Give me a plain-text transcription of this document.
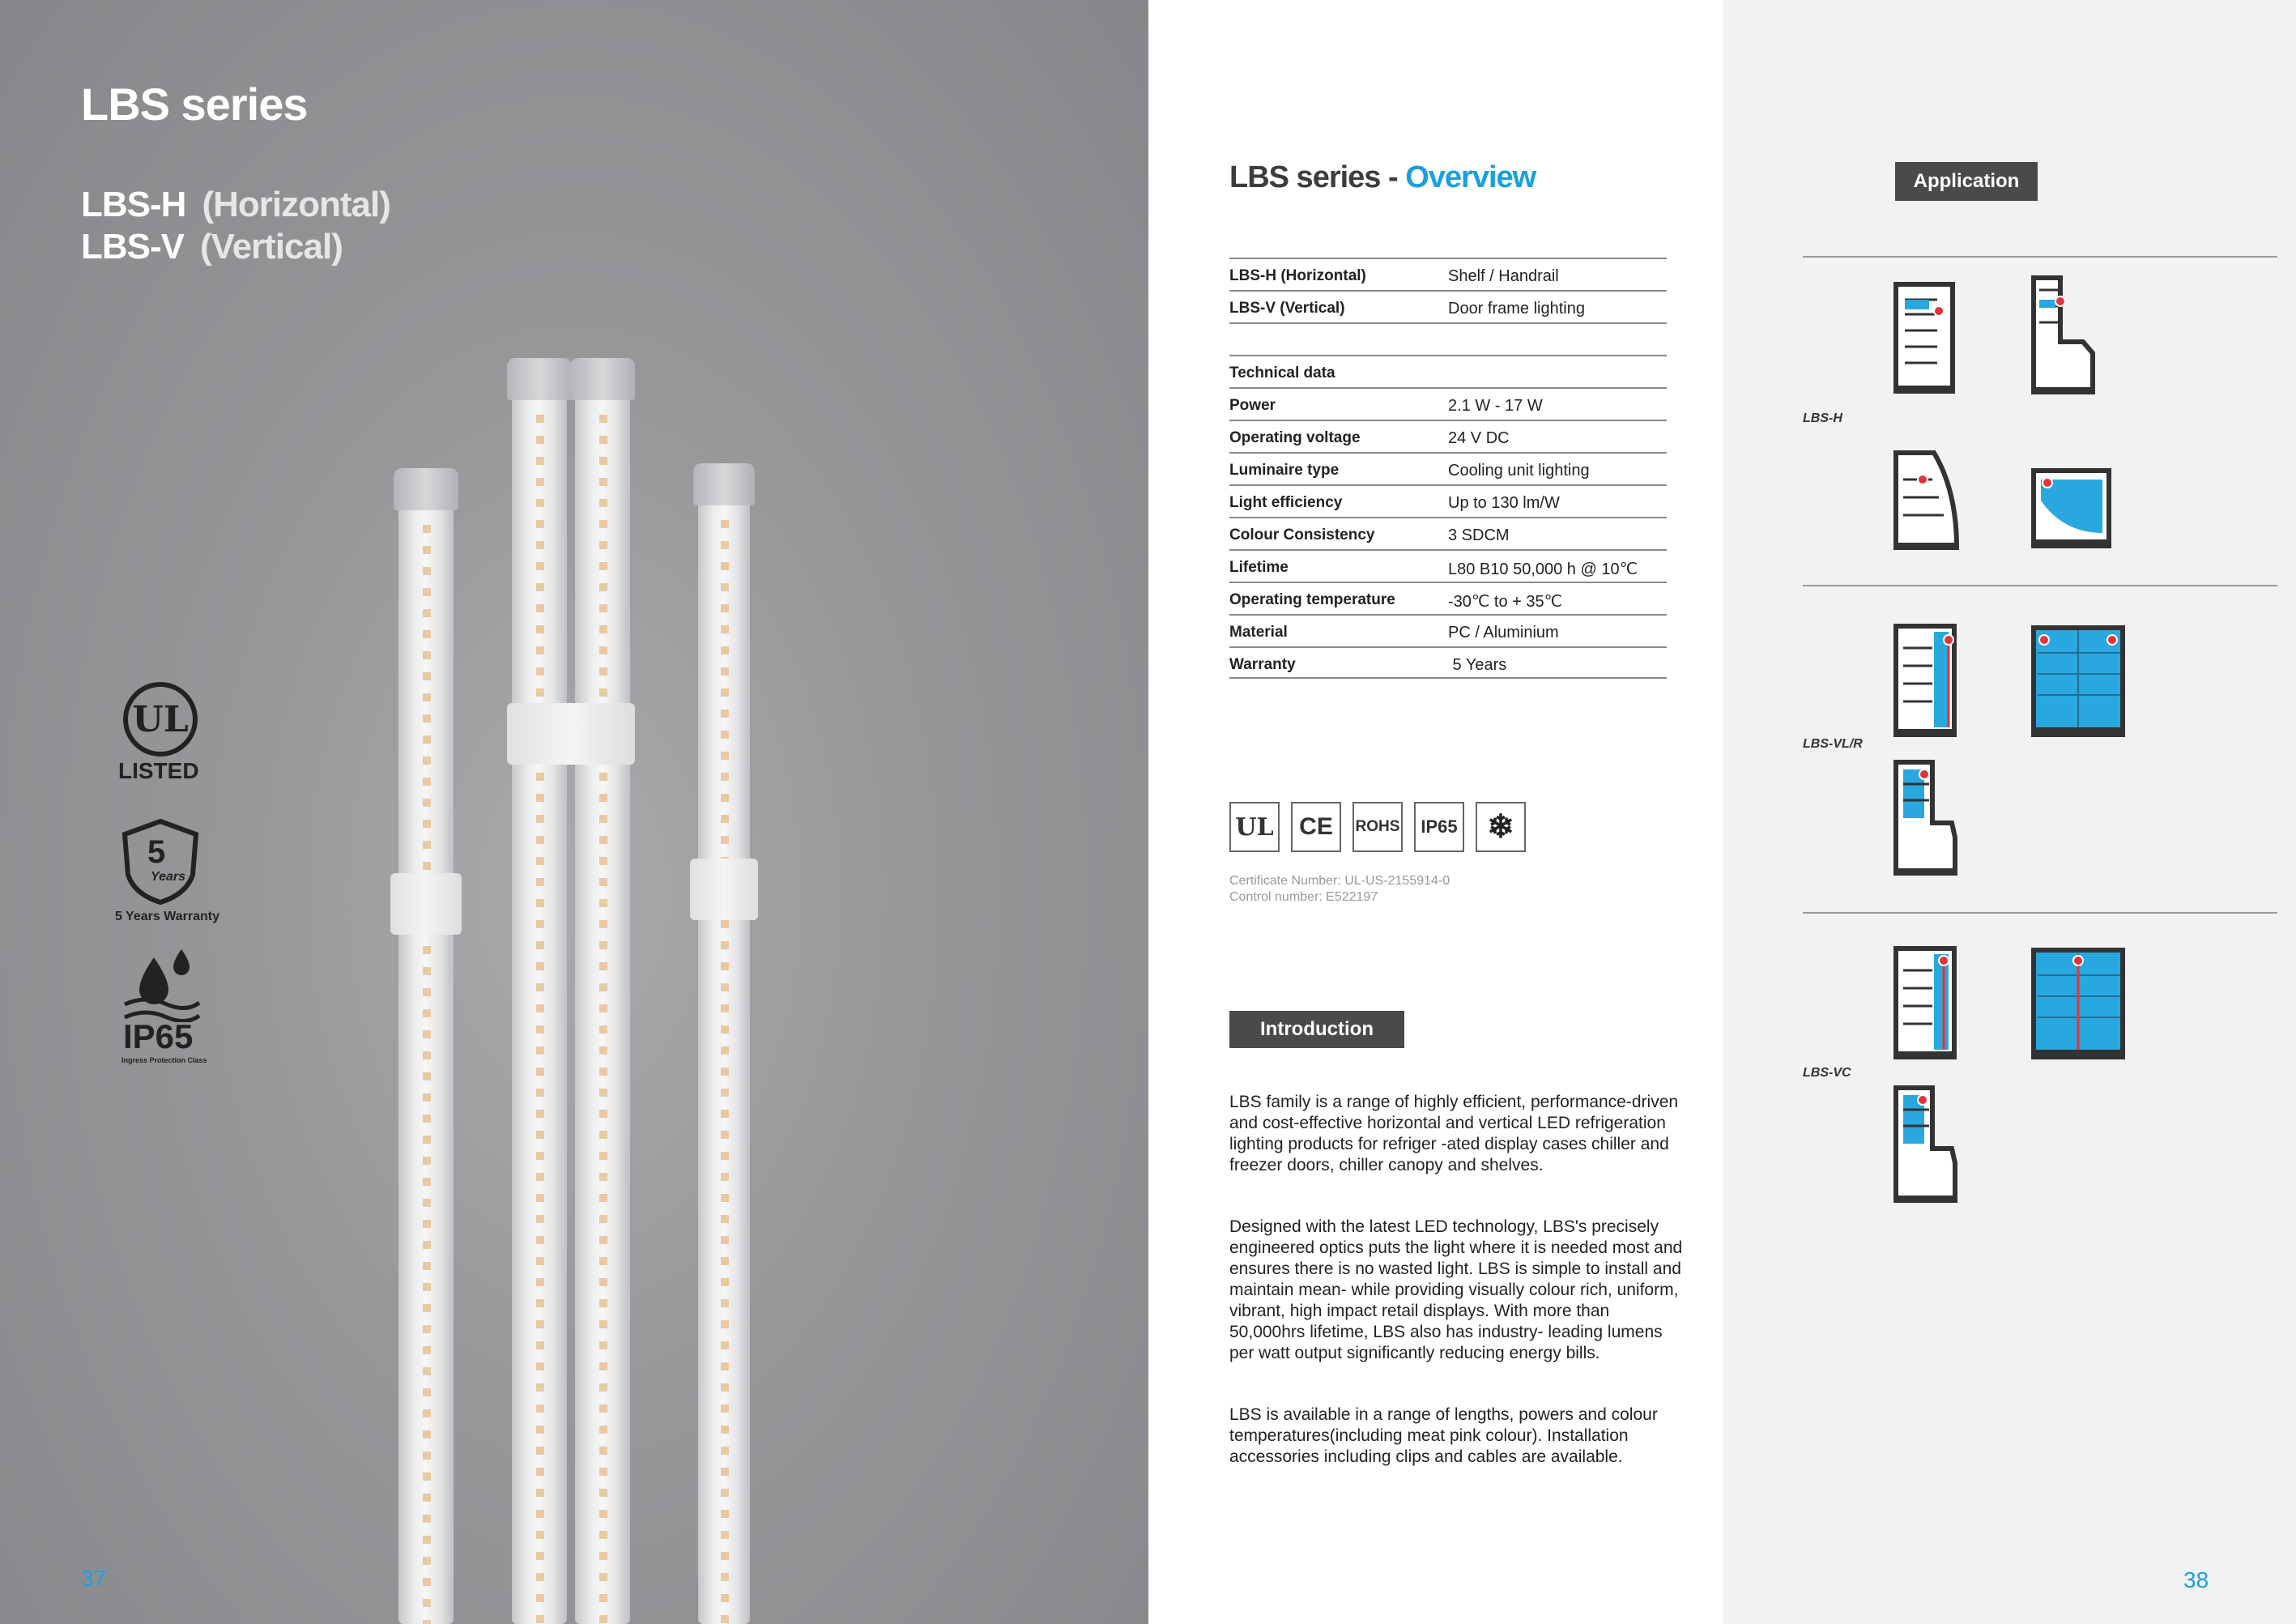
LBS series
LBS-H (Horizontal)
LBS-V (Vertical)
UL
LISTED
5
Years
5 Years Warranty
IP65
Ingress Protection Class
37
LBS series - Overview
LBS-H (Horizontal)	Shelf / Handrail
LBS-V (Vertical)	Door frame lighting
Technical data
Power	2.1 W - 17 W
Operating voltage	24 V DC
Luminaire type	Cooling unit lighting
Light efficiency	Up to 130 lm/W
Colour Consistency	3 SDCM
Lifetime	L80 B10 50,000 h @ 10℃
Operating temperature	-30℃ to + 35℃
Material	PC / Aluminium
Warranty	5 Years
UL	CE	ROHS	IP65 ❄
Certificate Number: UL-US-2155914-0
Control number: E522197
Introduction
LBS family is a range of highly efficient, performance-driven and cost-effective horizontal and vertical LED refrigeration lighting products for refriger -ated display cases chiller and freezer doors, chiller canopy and shelves.
Designed with the latest LED technology, LBS's precisely engineered optics puts the light where it is needed most and ensures there is no wasted light. LBS is simple to install and maintain mean- while providing visually colour rich, uniform, vibrant, high impact retail displays. With more than 50,000hrs lifetime, LBS also has industry- leading lumens per watt output significantly reducing energy bills.
LBS is available in a range of lengths, powers and colour temperatures(including meat pink colour). Installation accessories including clips and cables are available.
Application
LBS-H
LBS-VL/R
LBS-VC
38
